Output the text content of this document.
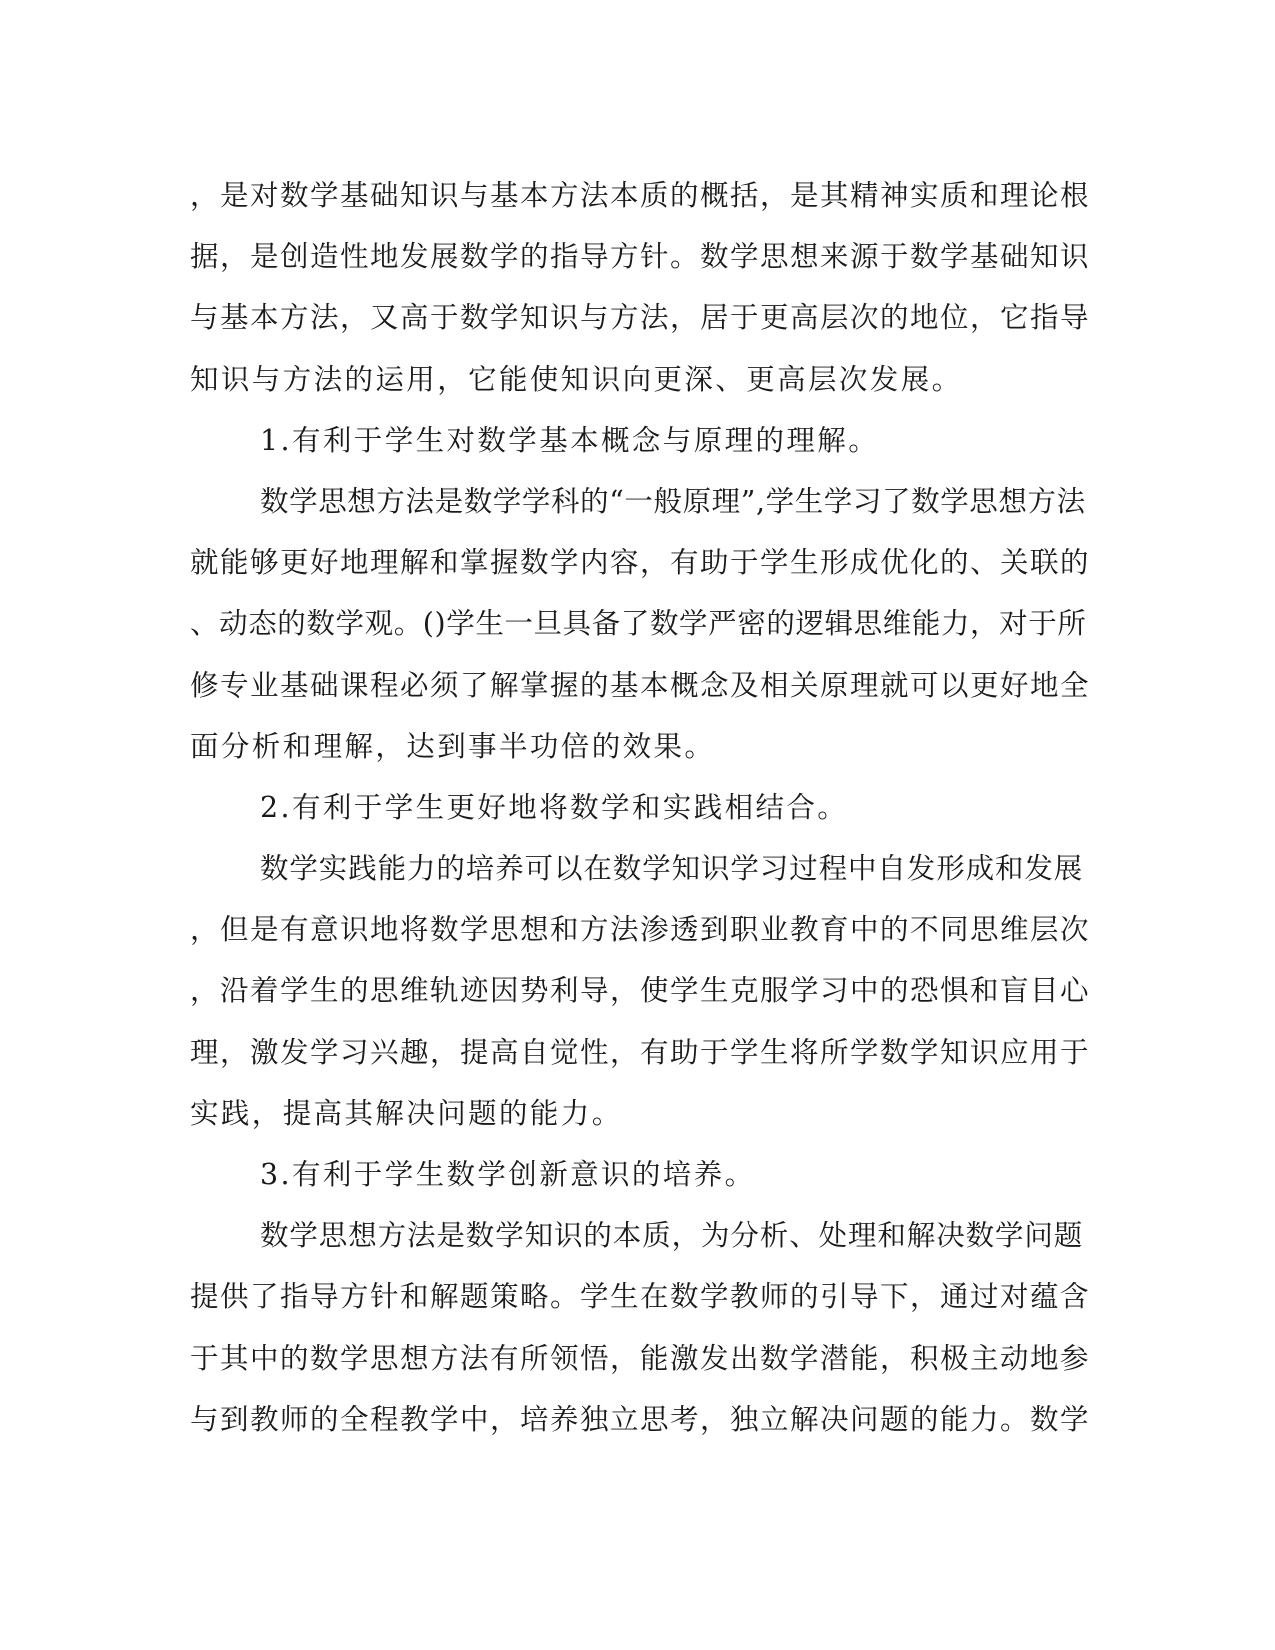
，是对数学基础知识与基本方法本质的概括，是其精神实质和理论根
据，是创造性地发展数学的指导方针。数学思想来源于数学基础知识
与基本方法，又高于数学知识与方法，居于更高层次的地位，它指导
知识与方法的运用，它能使知识向更深、更高层次发展。
1.有利于学生对数学基本概念与原理的理解。
数学思想方法是数学学科的“一般原理”,学生学习了数学思想方法
就能够更好地理解和掌握数学内容，有助于学生形成优化的、关联的
、动态的数学观。()学生一旦具备了数学严密的逻辑思维能力，对于所
修专业基础课程必须了解掌握的基本概念及相关原理就可以更好地全
面分析和理解，达到事半功倍的效果。
2.有利于学生更好地将数学和实践相结合。
数学实践能力的培养可以在数学知识学习过程中自发形成和发展
，但是有意识地将数学思想和方法渗透到职业教育中的不同思维层次
，沿着学生的思维轨迹因势利导，使学生克服学习中的恐惧和盲目心
理，激发学习兴趣，提高自觉性，有助于学生将所学数学知识应用于
实践，提高其解决问题的能力。
3.有利于学生数学创新意识的培养。
数学思想方法是数学知识的本质，为分析、处理和解决数学问题
提供了指导方针和解题策略。学生在数学教师的引导下，通过对蕴含
于其中的数学思想方法有所领悟，能激发出数学潜能，积极主动地参
与到教师的全程教学中，培养独立思考，独立解决问题的能力。数学
